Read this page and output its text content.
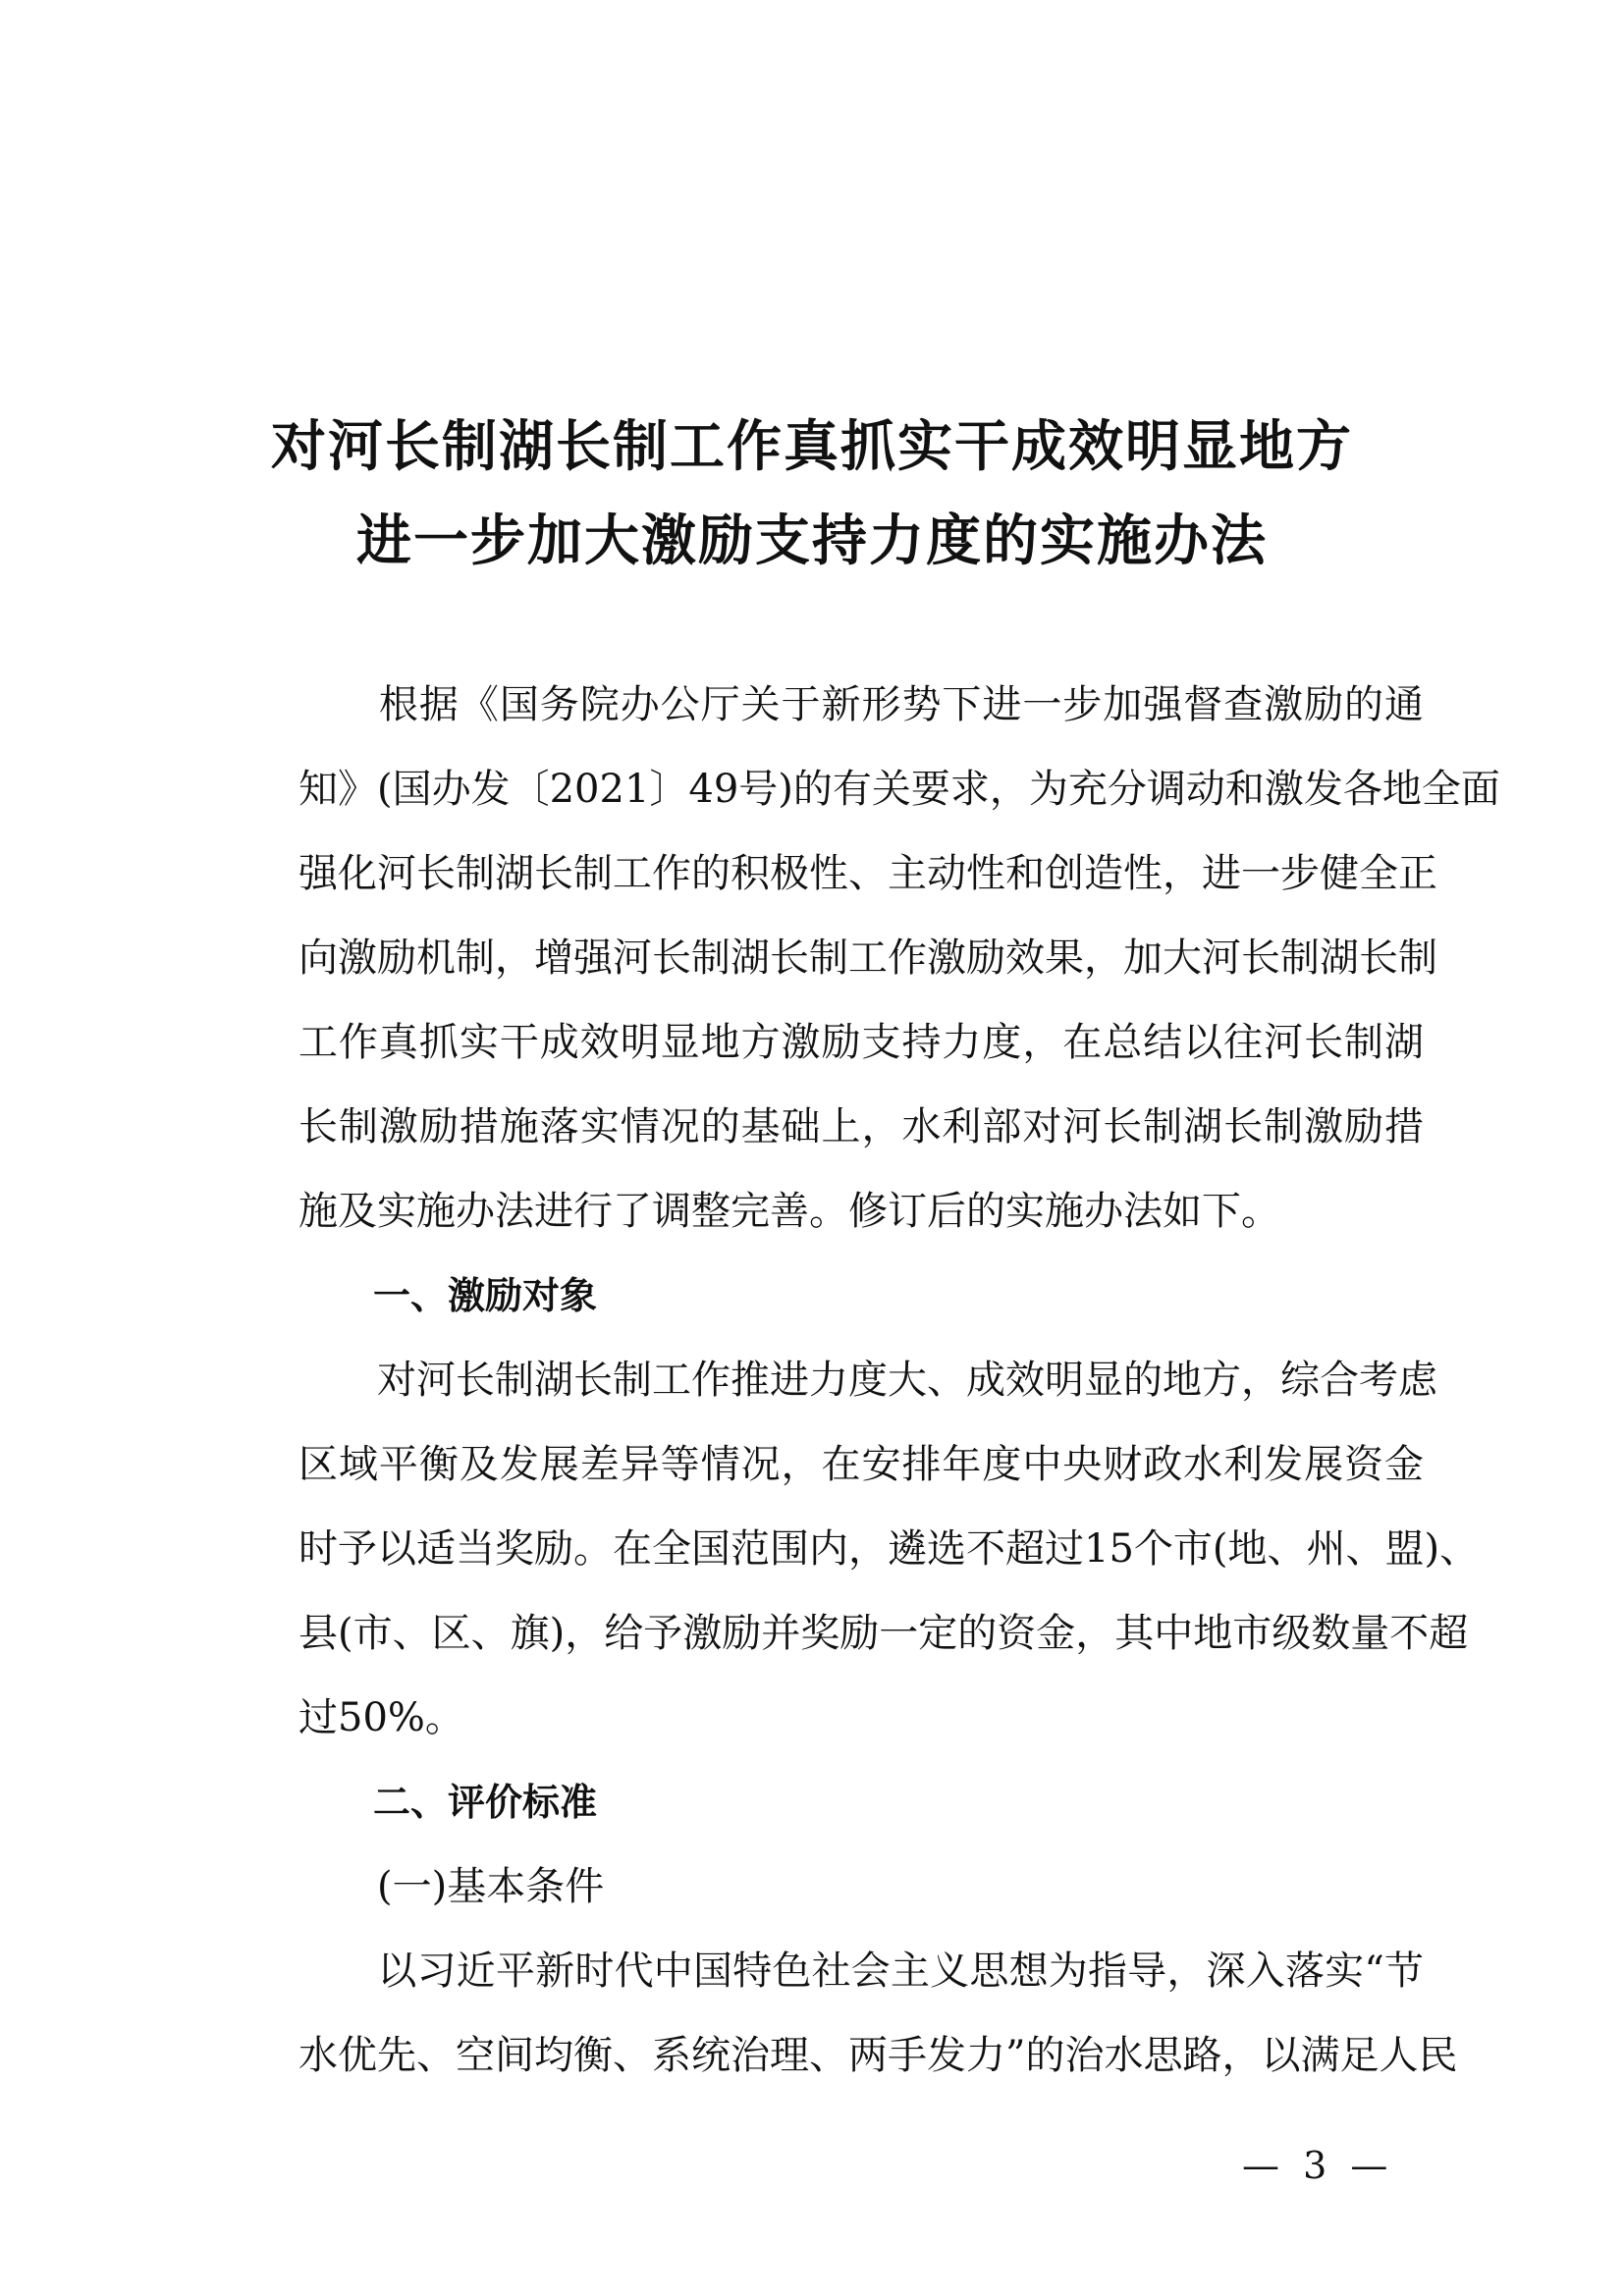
对河长制湖长制工作真抓实干成效明显地方
进一步加大激励支持力度的实施办法
　　根据《国务院办公厅关于新形势下进一步加强督查激励的通
知》(国办发〔2021〕49号)的有关要求，为充分调动和激发各地全面
强化河长制湖长制工作的积极性、主动性和创造性，进一步健全正
向激励机制，增强河长制湖长制工作激励效果，加大河长制湖长制
工作真抓实干成效明显地方激励支持力度，在总结以往河长制湖
长制激励措施落实情况的基础上，水利部对河长制湖长制激励措
施及实施办法进行了调整完善。修订后的实施办法如下。
　　一、激励对象
　　对河长制湖长制工作推进力度大、成效明显的地方，综合考虑
区域平衡及发展差异等情况，在安排年度中央财政水利发展资金
时予以适当奖励。在全国范围内，遴选不超过15个市(地、州、盟)、
县(市、区、旗)，给予激励并奖励一定的资金，其中地市级数量不超
过50%。
　　二、评价标准
　　(一)基本条件
　　以习近平新时代中国特色社会主义思想为指导，深入落实“节
水优先、空间均衡、系统治理、两手发力”的治水思路，以满足人民
— 3 —
